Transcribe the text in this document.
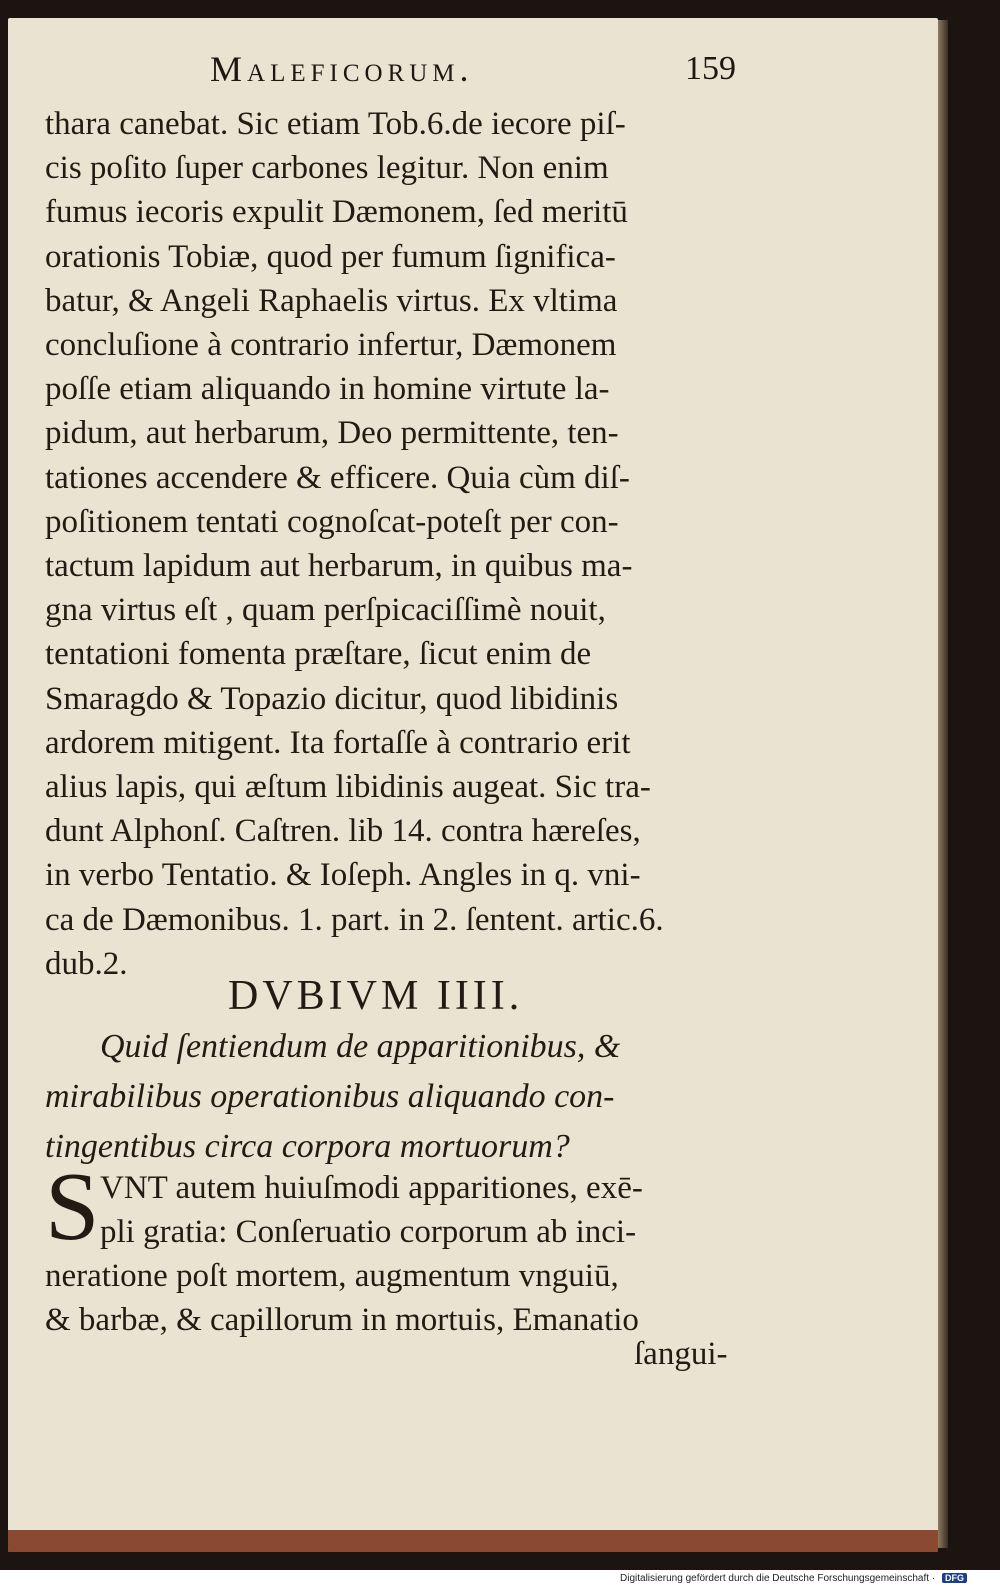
Maleficorum.	159
thara canebat. Sic etiam Tob.6.de iecore piſ-
cis poſito ſuper carbones legitur. Non enim
fumus iecoris expulit Dæmonem, ſed meritū
orationis Tobiæ, quod per fumum ſignifica-
batur, & Angeli Raphaelis virtus. Ex vltima
concluſione à contrario infertur, Dæmonem
poſſe etiam aliquando in homine virtute la-
pidum, aut herbarum, Deo permittente, ten-
tationes accendere & efficere. Quia cùm diſ-
poſitionem tentati cognoſcat-poteſt per con-
tactum lapidum aut herbarum, in quibus ma-
gna virtus eſt , quam perſpicaciſſimè nouit,
tentationi fomenta præſtare, ſicut enim de
Smaragdo & Topazio dicitur, quod libidinis
ardorem mitigent. Ita fortaſſe à contrario erit
alius lapis, qui æſtum libidinis augeat. Sic tra-
dunt Alphonſ. Caſtren. lib 14. contra hæreſes,
in verbo Tentatio. & Ioſeph. Angles in q. vni-
ca de Dæmonibus. 1. part. in 2. ſentent. artic.6.
dub.2.
DVBIVM IIII.
Quid ſentiendum de apparitionibus, &
mirabilibus operationibus aliquando con-
tingentibus circa corpora mortuorum?
S VNT autem huiuſmodi apparitiones, exē-
pli gratia: Conſeruatio corporum ab inci-
neratione poſt mortem, augmentum vnguiū,
& barbæ, & capillorum in mortuis, Emanatio
ſangui-
Digitalisierung gefördert durch die Deutsche Forschungsgemeinschaft · DFG
